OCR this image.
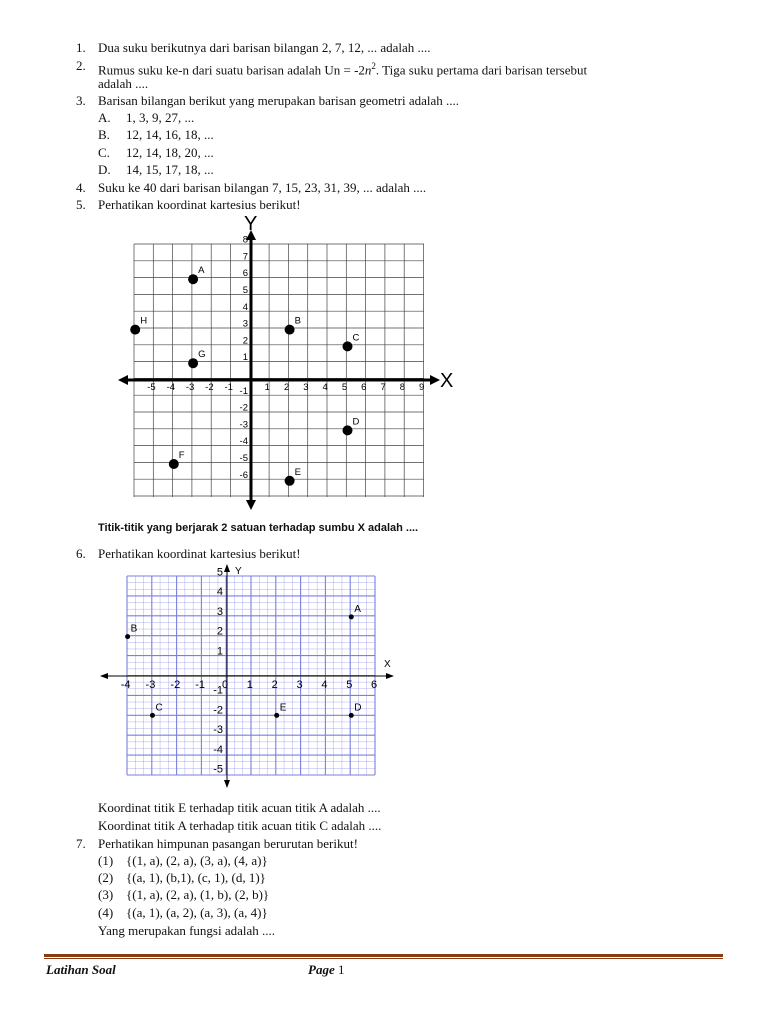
1. Dua suku berikutnya dari barisan bilangan 2, 7, 12, ... adalah ....
2. Rumus suku ke-n dari suatu barisan adalah $Un = -2n^2$. Tiga suku pertama dari barisan tersebut
adalah ....
3. Barisan bilangan berikut yang merupakan barisan geometri adalah ....
A. 1, 3, 9, 27, ...
B. 12, 14, 16, 18, ...
C. 12, 14, 18, 20, ...
D. 14, 15, 17, 18, ...
4. Suku ke 40 dari barisan bilangan 7, 15, 23, 31, 39, ... adalah ....
5. Perhatikan koordinat kartesius berikut!
X
Y
-5 -4 -3 -2 -1	1 2 3 4 5 6 7 8 9
8
7
6
5
4
3
2
1
-1
-2
-3
-4
-5
-6
A
B
C
D
E
F
G
H
Titik-titik yang berjarak 2 satuan terhadap sumbu X adalah ....
6. Perhatikan koordinat kartesius berikut!
X
Y
-4 -3 -2 -1 0 1 2 3 4 5 6
5
4
3
2
1
-1
-2
-3
-4
-5
A
B
C	D
E
Koordinat titik E terhadap titik acuan titik A adalah ....
Koordinat titik A terhadap titik acuan titik C adalah ....
7. Perhatikan himpunan pasangan berurutan berikut!
(1) {(1, a), (2, a), (3, a), (4, a)}
(2) {(a, 1), (b,1), (c, 1), (d, 1)}
(3) {(1, a), (2, a), (1, b), (2, b)}
(4) {(a, 1), (a, 2), (a, 3), (a, 4)}
Yang merupakan fungsi adalah ....
Latihan Soal	Page 1
